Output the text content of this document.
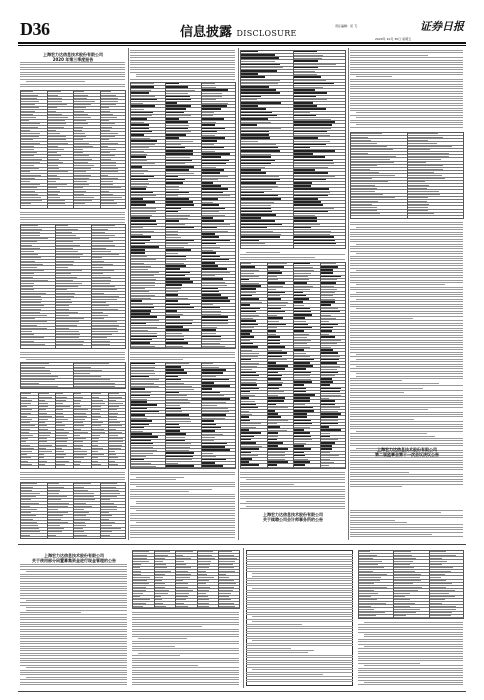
D36	信息披露 DISCLOSURE
证券日报
责任编辑：吴 飞
2020年 10月 30日 星期五
上海宏力达信息技术股份有限公司
2020 年第三季度报告
上海宏力达信息技术股份有限公司
关于续聘公司会计师事务所的公告
上海宏力达信息技术股份有限公司
第二届监事会第十一次会议决议公告
上海宏力达信息技术股份有限公司
关于使用部分闲置募集资金进行现金管理的公告
